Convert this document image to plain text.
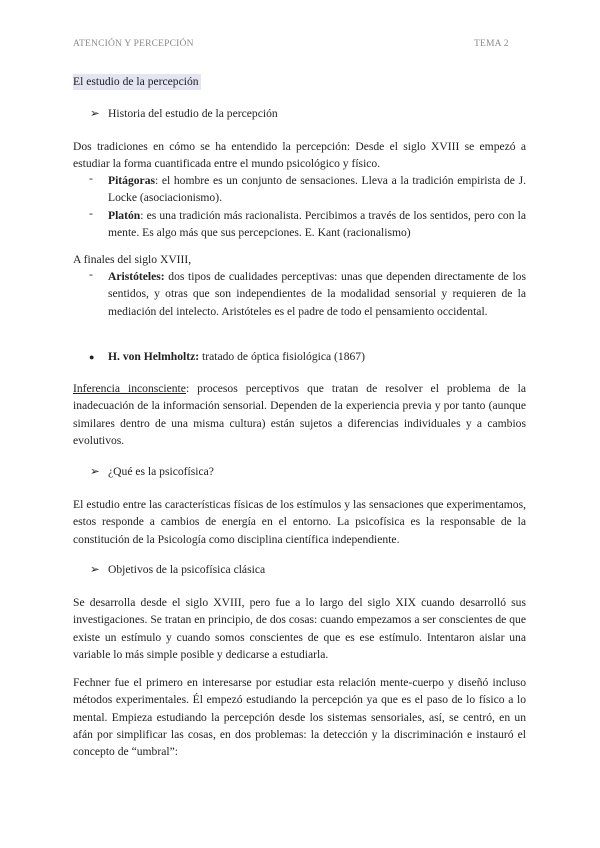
ATENCIÓN Y PERCEPCIÓN	TEMA 2
El estudio de la percepción
➢ Historia del estudio de la percepción
Dos tradiciones en cómo se ha entendido la percepción: Desde el siglo XVIII se empezó a estudiar la forma cuantificada entre el mundo psicológico y físico.
- Pitágoras: el hombre es un conjunto de sensaciones. Lleva a la tradición empirista de J. Locke (asociacionismo).
- Platón: es una tradición más racionalista. Percibimos a través de los sentidos, pero con la mente. Es algo más que sus percepciones. E. Kant (racionalismo)
A finales del siglo XVIII,
- Aristóteles: dos tipos de cualidades perceptivas: unas que dependen directamente de los sentidos, y otras que son independientes de la modalidad sensorial y requieren de la mediación del intelecto. Aristóteles es el padre de todo el pensamiento occidental.
● H. von Helmholtz: tratado de óptica fisiológica (1867)
Inferencia inconsciente: procesos perceptivos que tratan de resolver el problema de la inadecuación de la información sensorial. Dependen de la experiencia previa y por tanto (aunque similares dentro de una misma cultura) están sujetos a diferencias individuales y a cambios evolutivos.
➢ ¿Qué es la psicofísica?
El estudio entre las características físicas de los estímulos y las sensaciones que experimentamos, estos responde a cambios de energía en el entorno. La psicofísica es la responsable de la constitución de la Psicología como disciplina científica independiente.
➢ Objetivos de la psicofísica clásica
Se desarrolla desde el siglo XVIII, pero fue a lo largo del siglo XIX cuando desarrolló sus investigaciones. Se tratan en principio, de dos cosas: cuando empezamos a ser conscientes de que existe un estímulo y cuando somos conscientes de que es ese estímulo. Intentaron aislar una variable lo más simple posible y dedicarse a estudiarla.
Fechner fue el primero en interesarse por estudiar esta relación mente-cuerpo y diseñó incluso métodos experimentales. Él empezó estudiando la percepción ya que es el paso de lo físico a lo mental. Empieza estudiando la percepción desde los sistemas sensoriales, así, se centró, en un afán por simplificar las cosas, en dos problemas: la detección y la discriminación e instauró el concepto de “umbral”:
